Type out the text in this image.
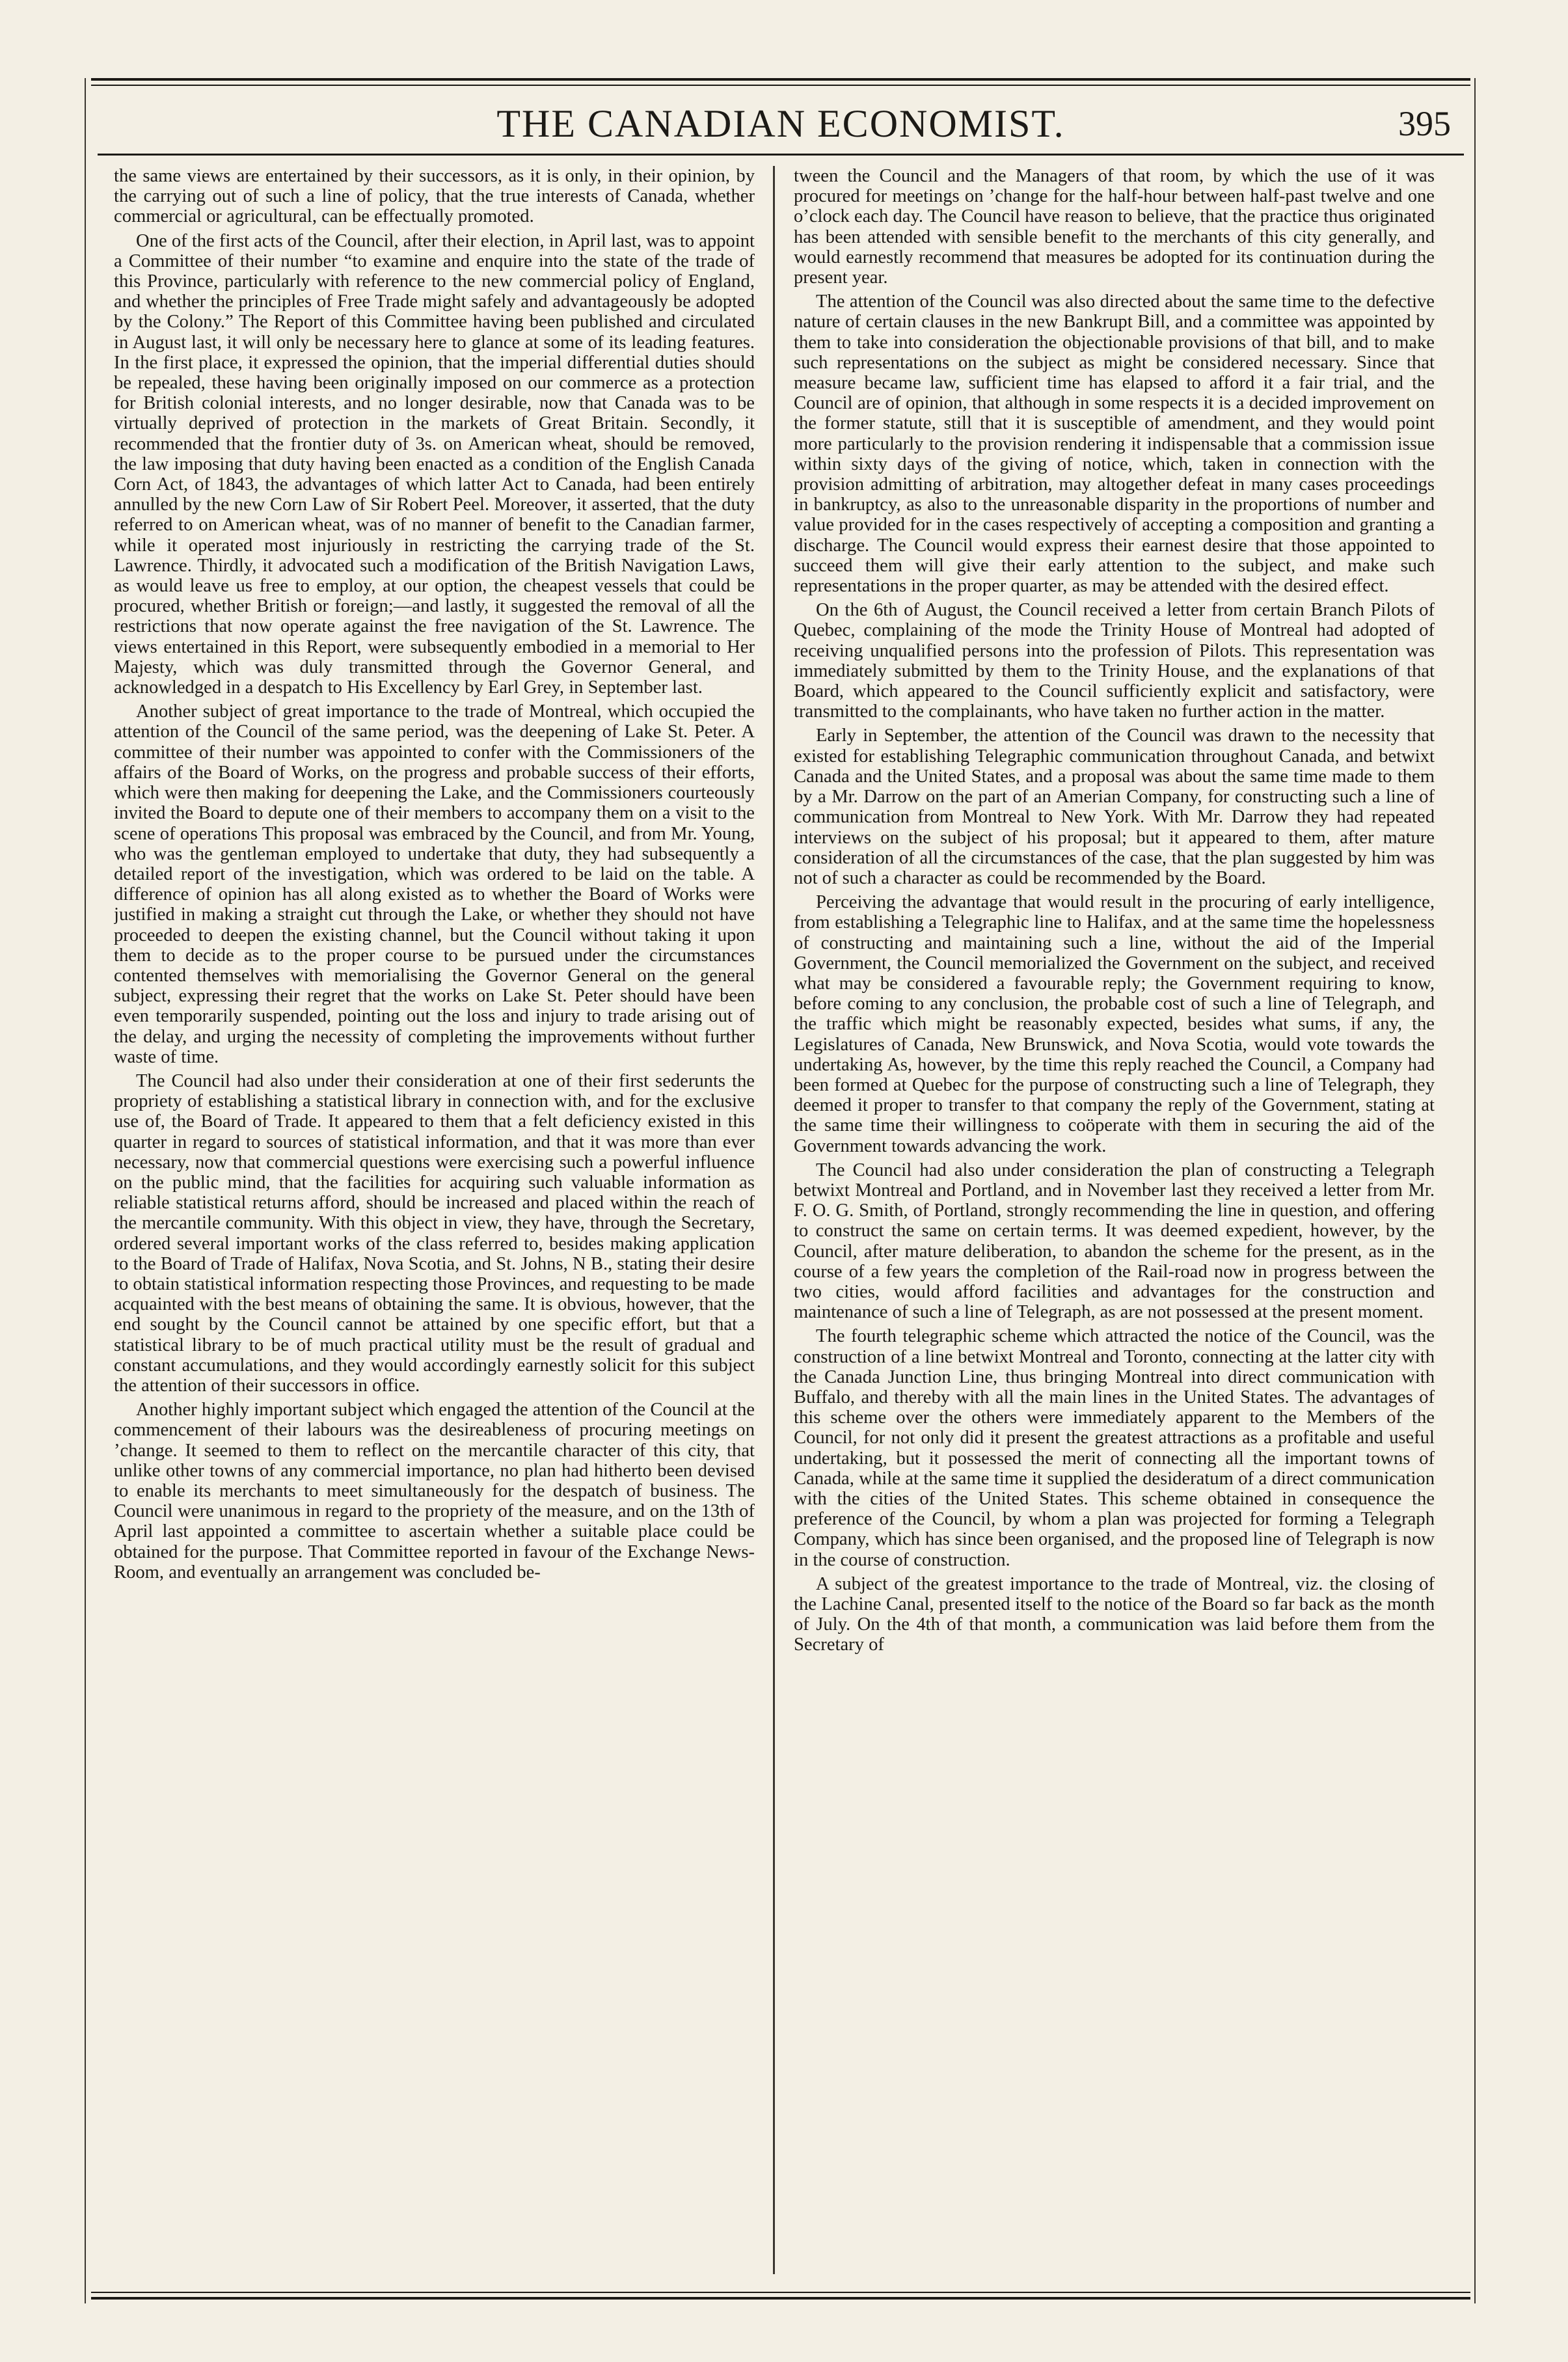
THE CANADIAN ECONOMIST.	395

the same views are entertained by their successors, as it is only, in their opinion, by the carrying out of such a line of policy, that the true interests of Canada, whether commercial or agricultural, can be effectually promoted.

One of the first acts of the Council, after their election, in April last, was to appoint a Committee of their number “to examine and enquire into the state of the trade of this Province, particularly with reference to the new commercial policy of England, and whether the principles of Free Trade might safely and advantageously be adopted by the Colony.” The Report of this Committee having been published and circulated in August last, it will only be necessary here to glance at some of its leading features. In the first place, it expressed the opinion, that the imperial differential duties should be repealed, these having been originally imposed on our commerce as a protection for British colonial interests, and no longer desirable, now that Canada was to be virtually deprived of protection in the markets of Great Britain. Secondly, it recommended that the frontier duty of 3s. on American wheat, should be removed, the law imposing that duty having been enacted as a condition of the English Canada Corn Act, of 1843, the advantages of which latter Act to Canada, had been entirely annulled by the new Corn Law of Sir Robert Peel. Moreover, it asserted, that the duty referred to on American wheat, was of no manner of benefit to the Canadian farmer, while it operated most injuriously in restricting the carrying trade of the St. Lawrence. Thirdly, it advocated such a modification of the British Navigation Laws, as would leave us free to employ, at our option, the cheapest vessels that could be procured, whether British or foreign;—and lastly, it suggested the removal of all the restrictions that now operate against the free navigation of the St. Lawrence. The views entertained in this Report, were subsequently embodied in a memorial to Her Majesty, which was duly transmitted through the Governor General, and acknowledged in a despatch to His Excellency by Earl Grey, in September last.

Another subject of great importance to the trade of Montreal, which occupied the attention of the Council of the same period, was the deepening of Lake St. Peter. A committee of their number was appointed to confer with the Commissioners of the affairs of the Board of Works, on the progress and probable success of their efforts, which were then making for deepening the Lake, and the Commissioners courteously invited the Board to depute one of their members to accompany them on a visit to the scene of operations This proposal was embraced by the Council, and from Mr. Young, who was the gentleman employed to undertake that duty, they had subsequently a detailed report of the investigation, which was ordered to be laid on the table. A difference of opinion has all along existed as to whether the Board of Works were justified in making a straight cut through the Lake, or whether they should not have proceeded to deepen the existing channel, but the Council without taking it upon them to decide as to the proper course to be pursued under the circumstances contented themselves with memorialising the Governor General on the general subject, expressing their regret that the works on Lake St. Peter should have been even temporarily suspended, pointing out the loss and injury to trade arising out of the delay, and urging the necessity of completing the improvements without further waste of time.

The Council had also under their consideration at one of their first sederunts the propriety of establishing a statistical library in connection with, and for the exclusive use of, the Board of Trade. It appeared to them that a felt deficiency existed in this quarter in regard to sources of statistical information, and that it was more than ever necessary, now that commercial questions were exercising such a powerful influence on the public mind, that the facilities for acquiring such valuable information as reliable statistical returns afford, should be increased and placed within the reach of the mercantile community. With this object in view, they have, through the Secretary, ordered several important works of the class referred to, besides making application to the Board of Trade of Halifax, Nova Scotia, and St. Johns, N B., stating their desire to obtain statistical information respecting those Provinces, and requesting to be made acquainted with the best means of obtaining the same. It is obvious, however, that the end sought by the Council cannot be attained by one specific effort, but that a statistical library to be of much practical utility must be the result of gradual and constant accumulations, and they would accordingly earnestly solicit for this subject the attention of their successors in office.

Another highly important subject which engaged the attention of the Council at the commencement of their labours was the desireableness of procuring meetings on ’change. It seemed to them to reflect on the mercantile character of this city, that unlike other towns of any commercial importance, no plan had hitherto been devised to enable its merchants to meet simultaneously for the despatch of business. The Council were unanimous in regard to the propriety of the measure, and on the 13th of April last appointed a committee to ascertain whether a suitable place could be obtained for the purpose. That Committee reported in favour of the Exchange News-Room, and eventually an arrangement was concluded be-

tween the Council and the Managers of that room, by which the use of it was procured for meetings on ’change for the half-hour between half-past twelve and one o’clock each day. The Council have reason to believe, that the practice thus originated has been attended with sensible benefit to the merchants of this city generally, and would earnestly recommend that measures be adopted for its continuation during the present year.

The attention of the Council was also directed about the same time to the defective nature of certain clauses in the new Bankrupt Bill, and a committee was appointed by them to take into consideration the objectionable provisions of that bill, and to make such representations on the subject as might be considered necessary. Since that measure became law, sufficient time has elapsed to afford it a fair trial, and the Council are of opinion, that although in some respects it is a decided improvement on the former statute, still that it is susceptible of amendment, and they would point more particularly to the provision rendering it indispensable that a commission issue within sixty days of the giving of notice, which, taken in connection with the provision admitting of arbitration, may altogether defeat in many cases proceedings in bankruptcy, as also to the unreasonable disparity in the proportions of number and value provided for in the cases respectively of accepting a composition and granting a discharge. The Council would express their earnest desire that those appointed to succeed them will give their early attention to the subject, and make such representations in the proper quarter, as may be attended with the desired effect.

On the 6th of August, the Council received a letter from certain Branch Pilots of Quebec, complaining of the mode the Trinity House of Montreal had adopted of receiving unqualified persons into the profession of Pilots. This representation was immediately submitted by them to the Trinity House, and the explanations of that Board, which appeared to the Council sufficiently explicit and satisfactory, were transmitted to the complainants, who have taken no further action in the matter.

Early in September, the attention of the Council was drawn to the necessity that existed for establishing Telegraphic communication throughout Canada, and betwixt Canada and the United States, and a proposal was about the same time made to them by a Mr. Darrow on the part of an Amerian Company, for constructing such a line of communication from Montreal to New York. With Mr. Darrow they had repeated interviews on the subject of his proposal; but it appeared to them, after mature consideration of all the circumstances of the case, that the plan suggested by him was not of such a character as could be recommended by the Board.

Perceiving the advantage that would result in the procuring of early intelligence, from establishing a Telegraphic line to Halifax, and at the same time the hopelessness of constructing and maintaining such a line, without the aid of the Imperial Government, the Council memorialized the Government on the subject, and received what may be considered a favourable reply; the Government requiring to know, before coming to any conclusion, the probable cost of such a line of Telegraph, and the traffic which might be reasonably expected, besides what sums, if any, the Legislatures of Canada, New Brunswick, and Nova Scotia, would vote towards the undertaking As, however, by the time this reply reached the Council, a Company had been formed at Quebec for the purpose of constructing such a line of Telegraph, they deemed it proper to transfer to that company the reply of the Government, stating at the same time their willingness to coöperate with them in securing the aid of the Government towards advancing the work.

The Council had also under consideration the plan of constructing a Telegraph betwixt Montreal and Portland, and in November last they received a letter from Mr. F. O. G. Smith, of Portland, strongly recommending the line in question, and offering to construct the same on certain terms. It was deemed expedient, however, by the Council, after mature deliberation, to abandon the scheme for the present, as in the course of a few years the completion of the Rail-road now in progress between the two cities, would afford facilities and advantages for the construction and maintenance of such a line of Telegraph, as are not possessed at the present moment.

The fourth telegraphic scheme which attracted the notice of the Council, was the construction of a line betwixt Montreal and Toronto, connecting at the latter city with the Canada Junction Line, thus bringing Montreal into direct communication with Buffalo, and thereby with all the main lines in the United States. The advantages of this scheme over the others were immediately apparent to the Members of the Council, for not only did it present the greatest attractions as a profitable and useful undertaking, but it possessed the merit of connecting all the important towns of Canada, while at the same time it supplied the desideratum of a direct communication with the cities of the United States. This scheme obtained in consequence the preference of the Council, by whom a plan was projected for forming a Telegraph Company, which has since been organised, and the proposed line of Telegraph is now in the course of construction.

A subject of the greatest importance to the trade of Montreal, viz. the closing of the Lachine Canal, presented itself to the notice of the Board so far back as the month of July. On the 4th of that month, a communication was laid before them from the Secretary of
